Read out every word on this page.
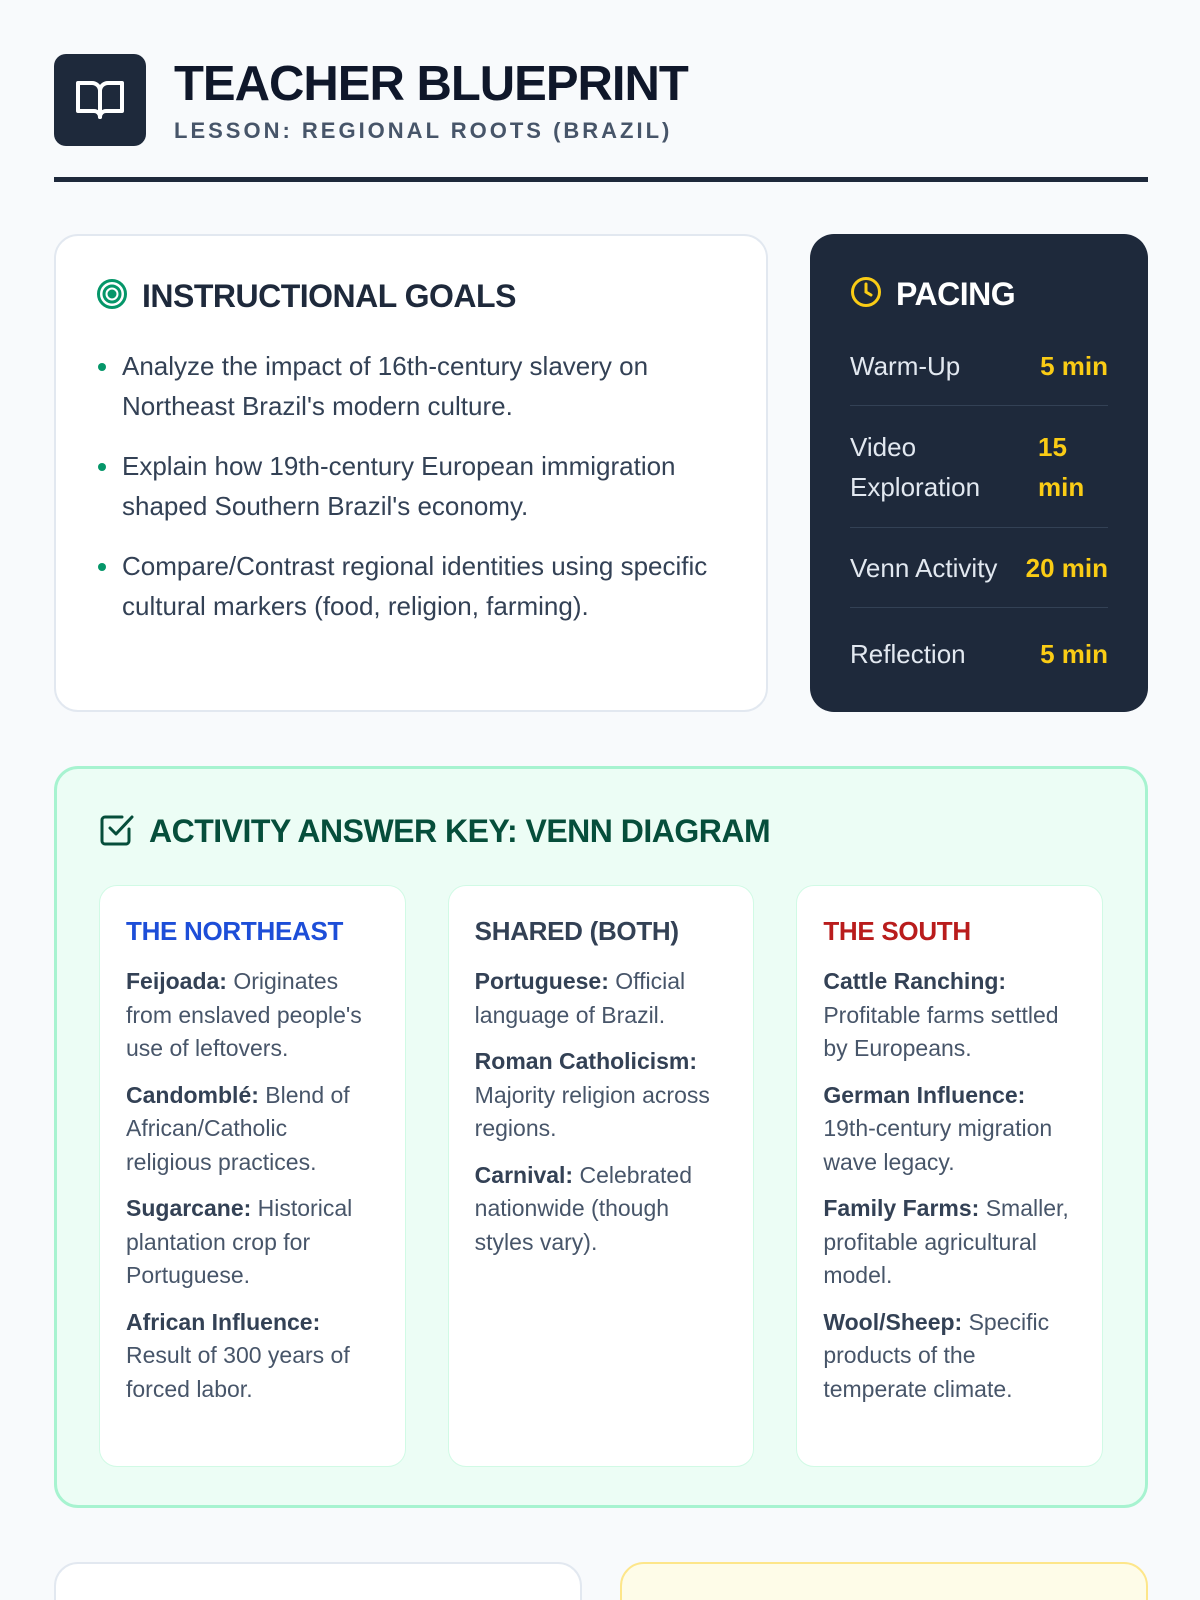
TEACHER BLUEPRINT
LESSON: REGIONAL ROOTS (BRAZIL)
INSTRUCTIONAL GOALS
Analyze the impact of 16th-century slavery on Northeast Brazil's modern culture.
Explain how 19th-century European immigration shaped Southern Brazil's economy.
Compare/Contrast regional identities using specific cultural markers (food, religion, farming).
PACING
Warm-Up	5 min
Video Exploration
15 min
Venn Activity 20 min
Reflection	5 min
ACTIVITY ANSWER KEY: VENN DIAGRAM
THE NORTHEAST
Feijoada: Originates from enslaved people's use of leftovers.
Candomblé: Blend of African/Catholic religious practices.
Sugarcane: Historical plantation crop for Portuguese.
African Influence: Result of 300 years of forced labor.
SHARED (BOTH)
Portuguese: Official language of Brazil.
Roman Catholicism: Majority religion across regions.
Carnival: Celebrated nationwide (though styles vary).
THE SOUTH
Cattle Ranching: Profitable farms settled by Europeans.
German Influence: 19th-century migration wave legacy.
Family Farms: Smaller, profitable agricultural model.
Wool/Sheep: Specific products of the temperate climate.
